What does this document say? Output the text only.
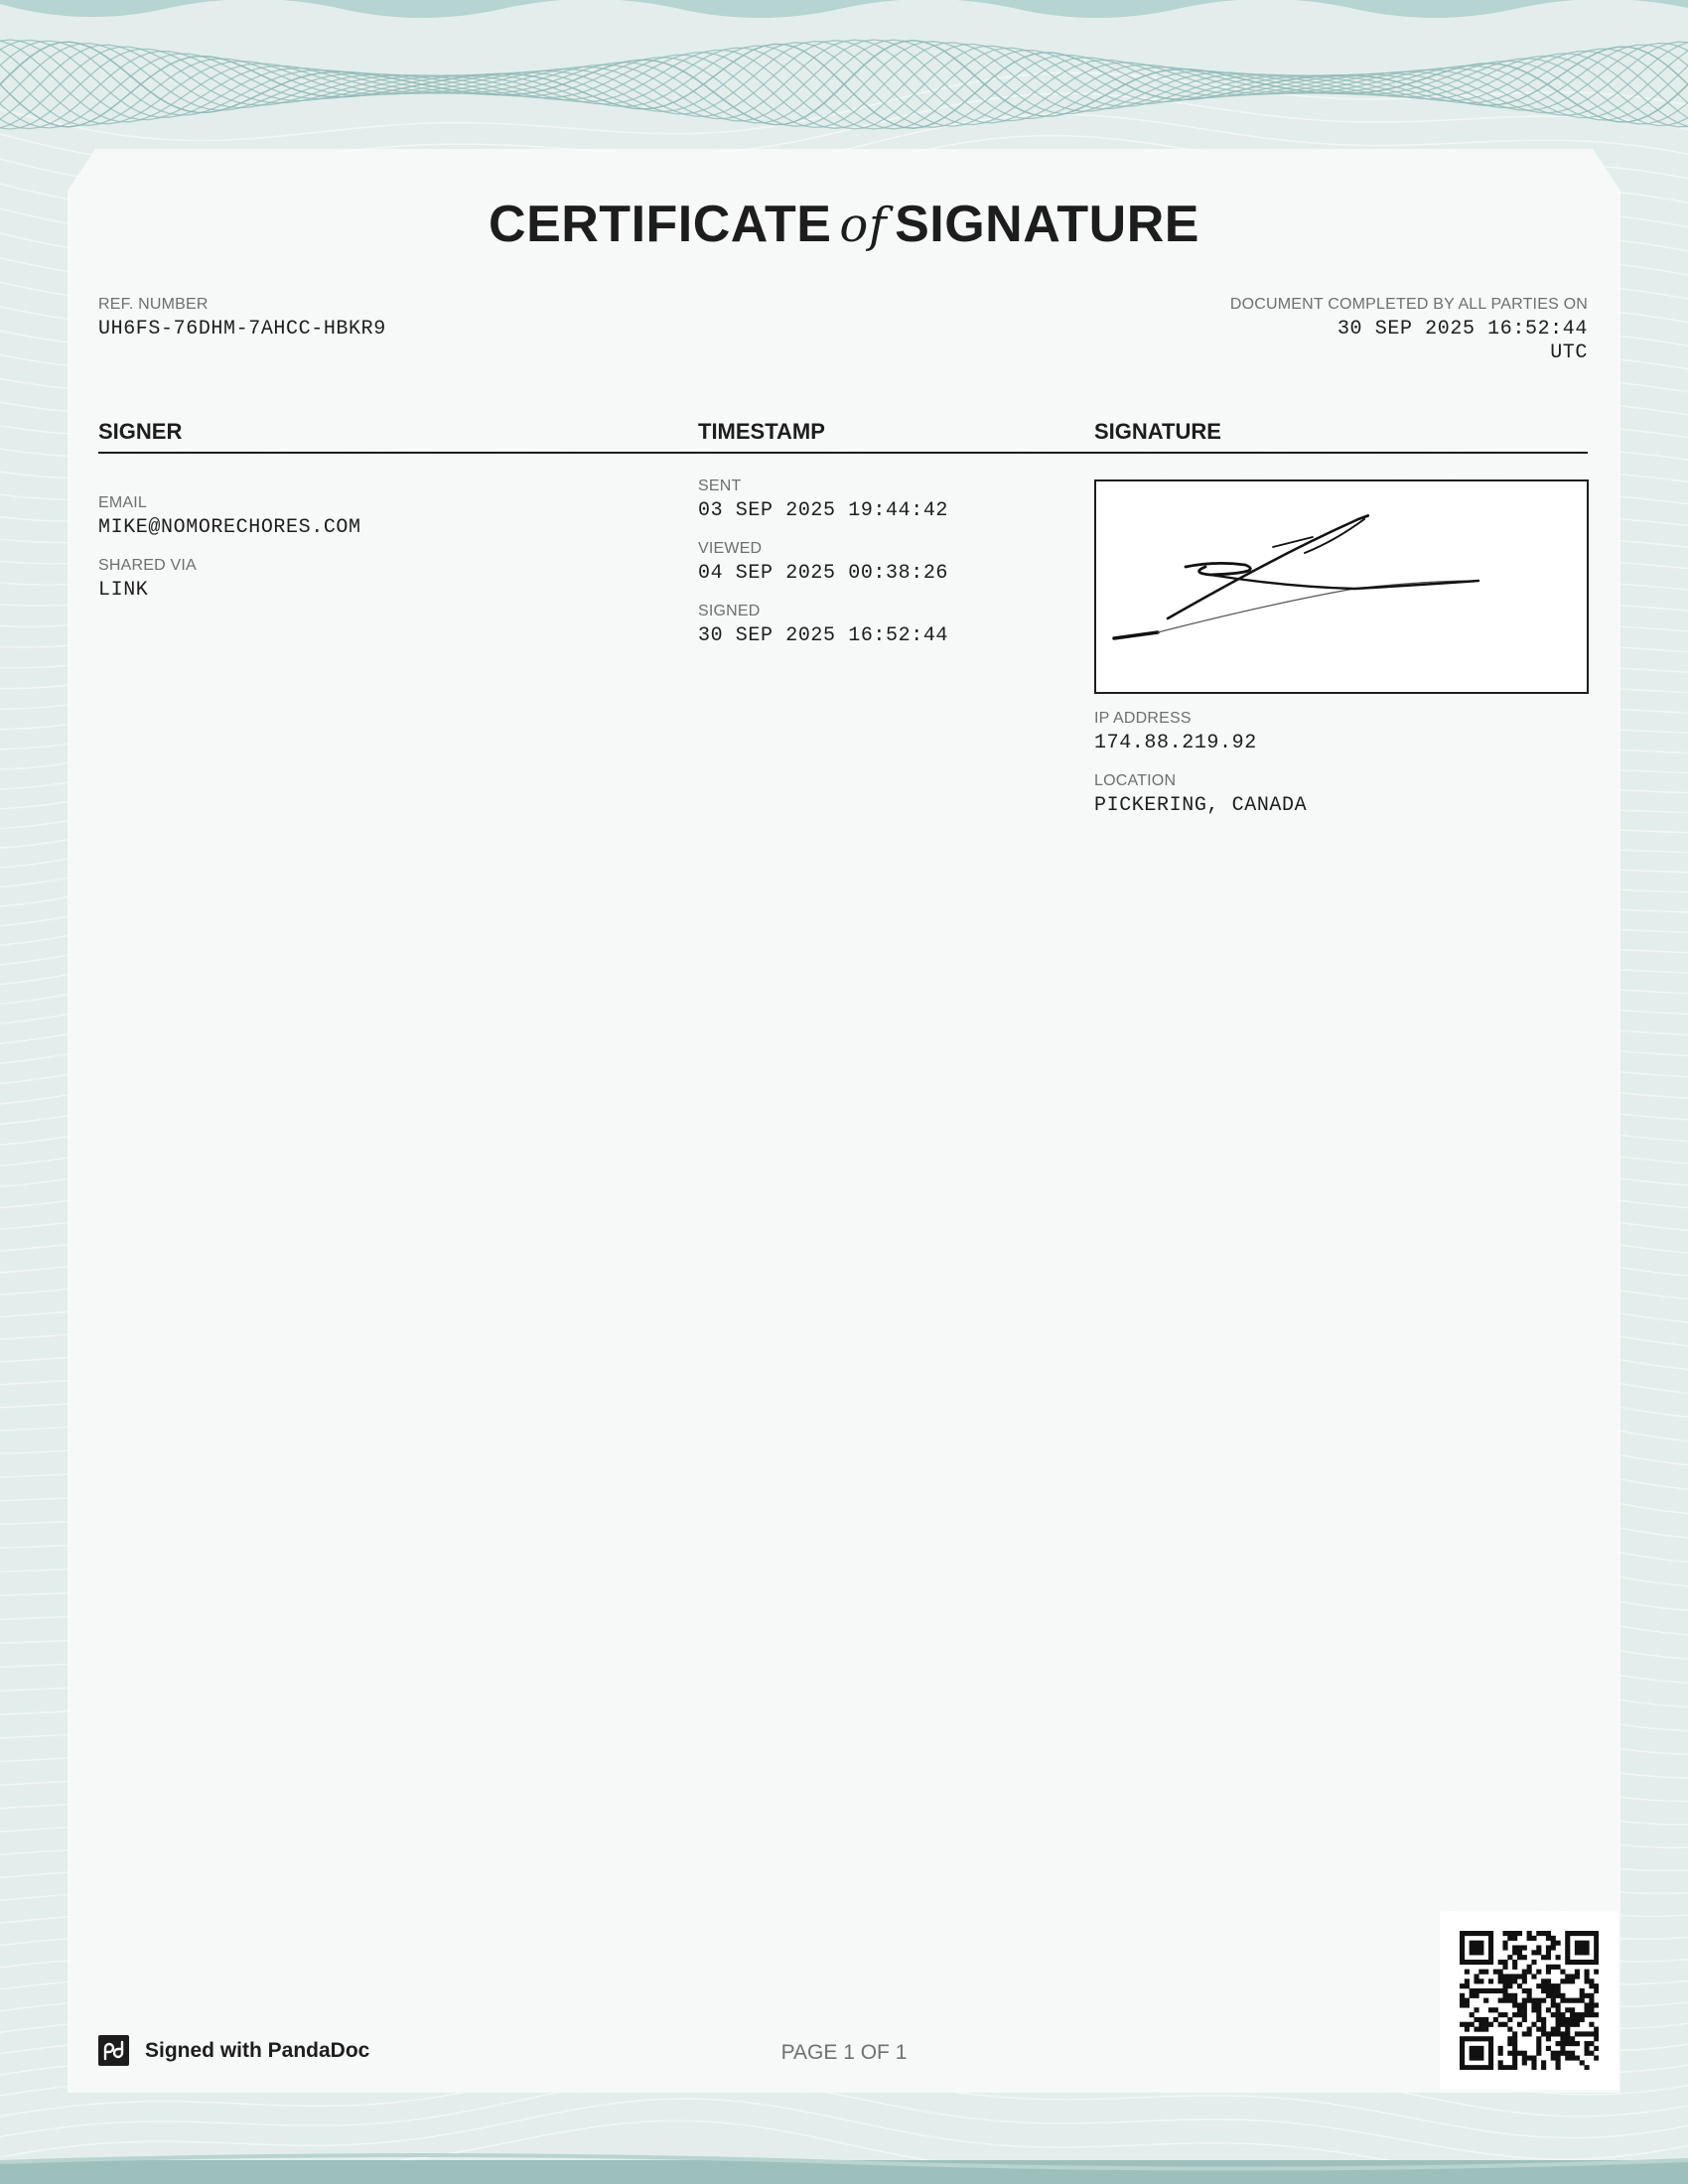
CERTIFICATE of SIGNATURE
REF. NUMBER
UH6FS-76DHM-7AHCC-HBKR9
DOCUMENT COMPLETED BY ALL PARTIES ON
30 SEP 2025 16:52:44
UTC
SIGNER	TIMESTAMP	SIGNATURE
EMAIL
MIKE@NOMORECHORES.COM
SHARED VIA
LINK
SENT
03 SEP 2025 19:44:42
VIEWED
04 SEP 2025 00:38:26
SIGNED
30 SEP 2025 16:52:44
IP ADDRESS
174.88.219.92
LOCATION
PICKERING, CANADA
Signed with PandaDoc	PAGE 1 OF 1
